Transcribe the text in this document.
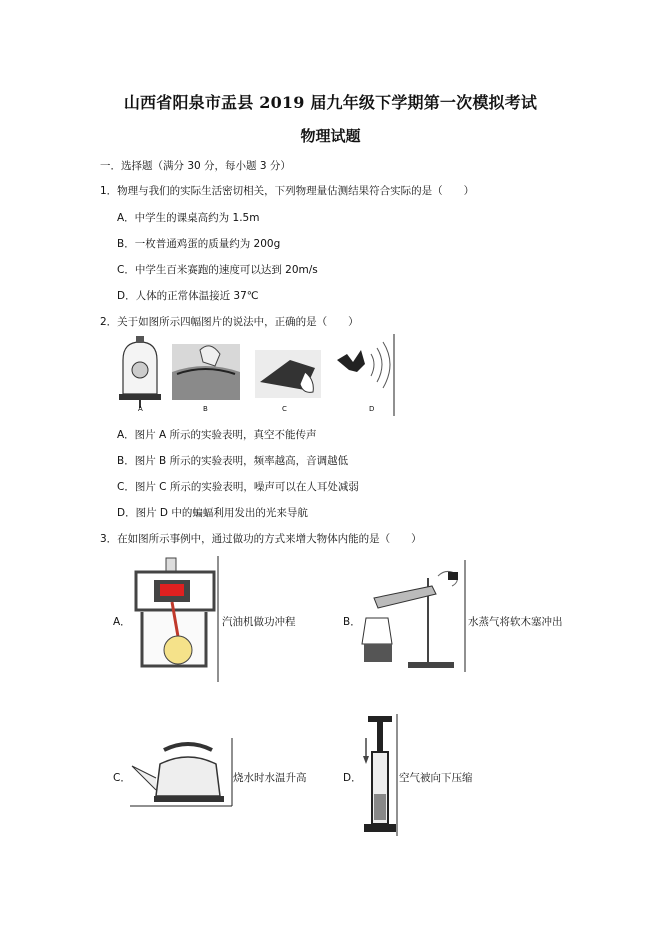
山西省阳泉市盂县 2019 届九年级下学期第一次模拟考试
物理试题
一．选择题（满分 30 分，每小题 3 分）
1．物理与我们的实际生活密切相关，下列物理量估测结果符合实际的是（　　）
A．中学生的课桌高约为 1.5m
B．一枚普通鸡蛋的质量约为 200g
C．中学生百米赛跑的速度可以达到 20m/s
D．人体的正常体温接近 37℃
2．关于如图所示四幅图片的说法中，正确的是（　　）
A	B	C	D
A．图片 A 所示的实验表明，真空不能传声
B．图片 B 所示的实验表明，频率越高，音调越低
C．图片 C 所示的实验表明，噪声可以在人耳处减弱
D．图片 D 中的蝙蝠利用发出的光来导航
3．在如图所示事例中，通过做功的方式来增大物体内能的是（　　）
A．	汽油机做功冲程	B．	水蒸气将软木塞冲出
C．	烧水时水温升高	D．	空气被向下压缩
